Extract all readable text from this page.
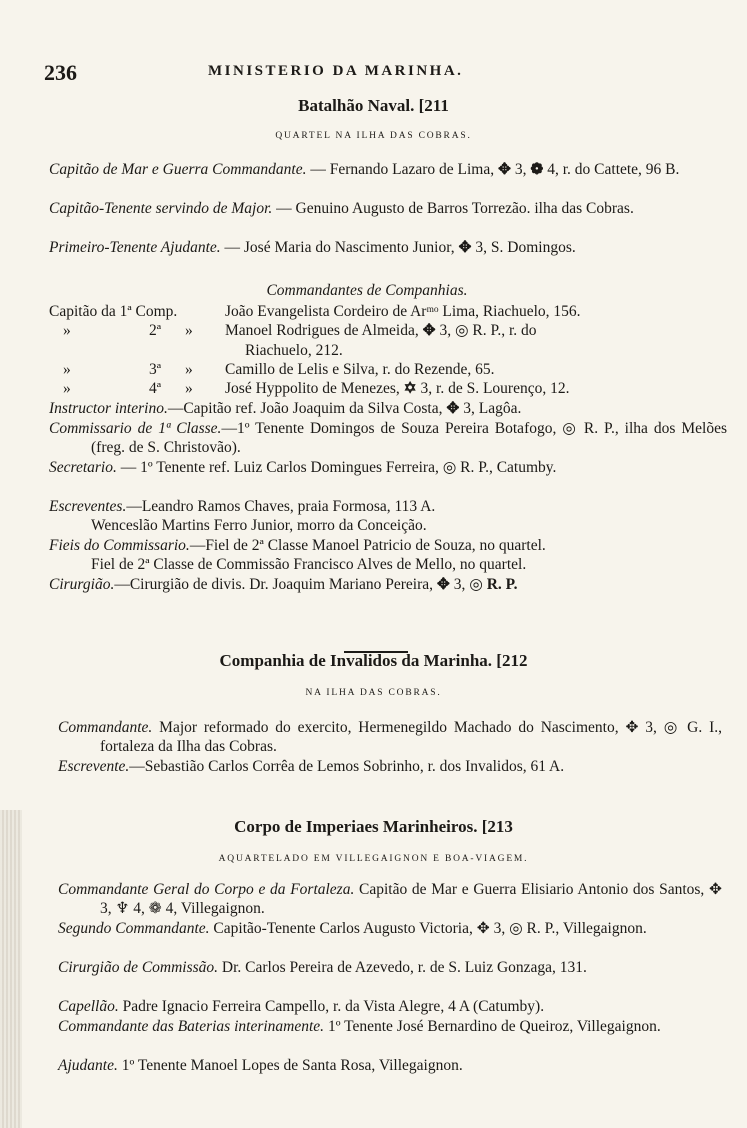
236	MINISTERIO DA MARINHA.
Batalhão Naval. [211
QUARTEL NA ILHA DAS COBRAS.
Capitão de Mar e Guerra Commandante. — Fernando Lazaro de Lima, ✥ 3, ❁ 4, r. do Cattete, 96 B.
Capitão-Tenente servindo de Major. — Genuino Augusto de Barros Torrezão. ilha das Cobras.
Primeiro-Tenente Ajudante. — José Maria do Nascimento Junior, ✥ 3, S. Domingos.
Commandantes de Companhias.
Capitão da 1ª Comp.	João Evangelista Cordeiro de Arᵐᵒ Lima, Riachuelo, 156.
»	2ª » Manoel Rodrigues de Almeida, ✥ 3, ◎ R. P., r. do
Riachuelo, 212.
»	3ª » Camillo de Lelis e Silva, r. do Rezende, 65.
»	4ª » José Hyppolito de Menezes, ✡ 3, r. de S. Lourenço, 12.
Instructor interino.—Capitão ref. João Joaquim da Silva Costa, ✥ 3, Lagôa.
Commissario de 1ª Classe.—1º Tenente Domingos de Souza Pereira Botafogo, ◎ R. P., ilha dos Melões (freg. de S. Christovão).
Secretario. — 1º Tenente ref. Luiz Carlos Domingues Ferreira, ◎ R. P., Catumby.
Escreventes.—Leandro Ramos Chaves, praia Formosa, 113 A.
Wenceslão Martins Ferro Junior, morro da Conceição.
Fieis do Commissario.—Fiel de 2ª Classe Manoel Patricio de Souza, no quartel.
Fiel de 2ª Classe de Commissão Francisco Alves de Mello, no quartel.
Cirurgião.—Cirurgião de divis. Dr. Joaquim Mariano Pereira, ✥ 3, ◎ R. P.
Companhia de Invalidos da Marinha. [212
NA ILHA DAS COBRAS.
Commandante. Major reformado do exercito, Hermenegildo Machado do Nascimento, ✥ 3, ◎ G. I., fortaleza da Ilha das Cobras.
Escrevente.—Sebastião Carlos Corrêa de Lemos Sobrinho, r. dos Invalidos, 61 A.
Corpo de Imperiaes Marinheiros. [213
AQUARTELADO EM VILLEGAIGNON E BOA-VIAGEM.
Commandante Geral do Corpo e da Fortaleza. Capitão de Mar e Guerra Elisiario Antonio dos Santos, ✥ 3, ♆ 4, ❁ 4, Villegaignon.
Segundo Commandante. Capitão-Tenente Carlos Augusto Victoria, ✥ 3, ◎ R. P., Villegaignon.
Cirurgião de Commissão. Dr. Carlos Pereira de Azevedo, r. de S. Luiz Gonzaga, 131.
Capellão. Padre Ignacio Ferreira Campello, r. da Vista Alegre, 4 A (Catumby).
Commandante das Baterias interinamente. 1º Tenente José Bernardino de Queiroz, Villegaignon.
Ajudante. 1º Tenente Manoel Lopes de Santa Rosa, Villegaignon.
